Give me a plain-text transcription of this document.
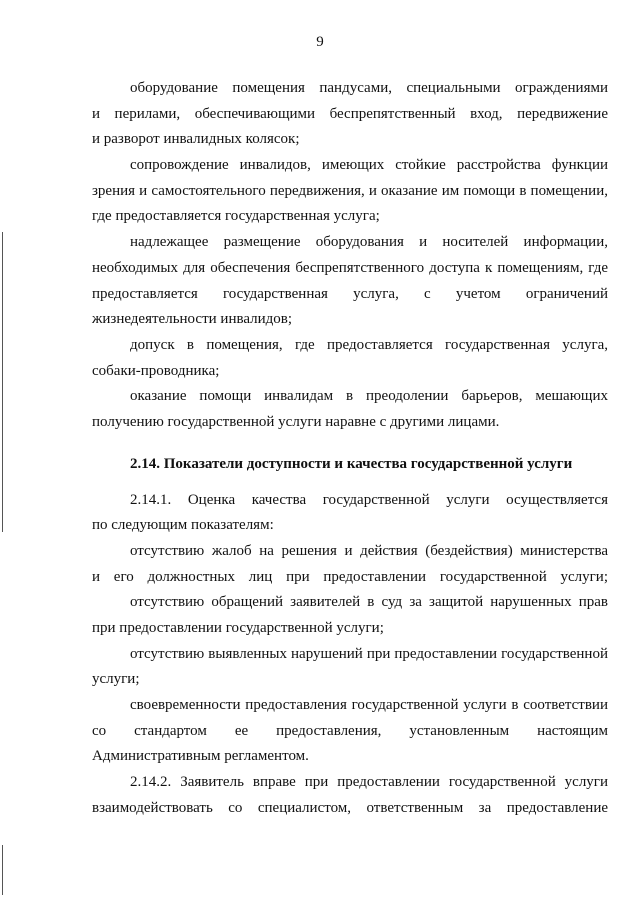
9
оборудование помещения пандусами, специальными ограждениями
и перилами, обеспечивающими беспрепятственный вход, передвижение
и разворот инвалидных колясок;
сопровождение инвалидов, имеющих стойкие расстройства функции
зрения и самостоятельного передвижения, и оказание им помощи в помещении,
где предоставляется государственная услуга;
надлежащее размещение оборудования и носителей информации,
необходимых для обеспечения беспрепятственного доступа к помещениям, где
предоставляется государственная услуга, с учетом ограничений
жизнедеятельности инвалидов;
допуск в помещения, где предоставляется государственная услуга,
собаки-проводника;
оказание помощи инвалидам в преодолении барьеров, мешающих
получению государственной услуги наравне с другими лицами.
2.14. Показатели доступности и качества государственной услуги
2.14.1. Оценка качества государственной услуги осуществляется
по следующим показателям:
отсутствию жалоб на решения и действия (бездействия) министерства
и его должностных лиц при предоставлении государственной услуги;
отсутствию обращений заявителей в суд за защитой нарушенных прав
при предоставлении государственной услуги;
отсутствию выявленных нарушений при предоставлении государственной
услуги;
своевременности предоставления государственной услуги в соответствии
со стандартом ее предоставления, установленным настоящим
Административным регламентом.
2.14.2. Заявитель вправе при предоставлении государственной услуги
взаимодействовать со специалистом, ответственным за предоставление
